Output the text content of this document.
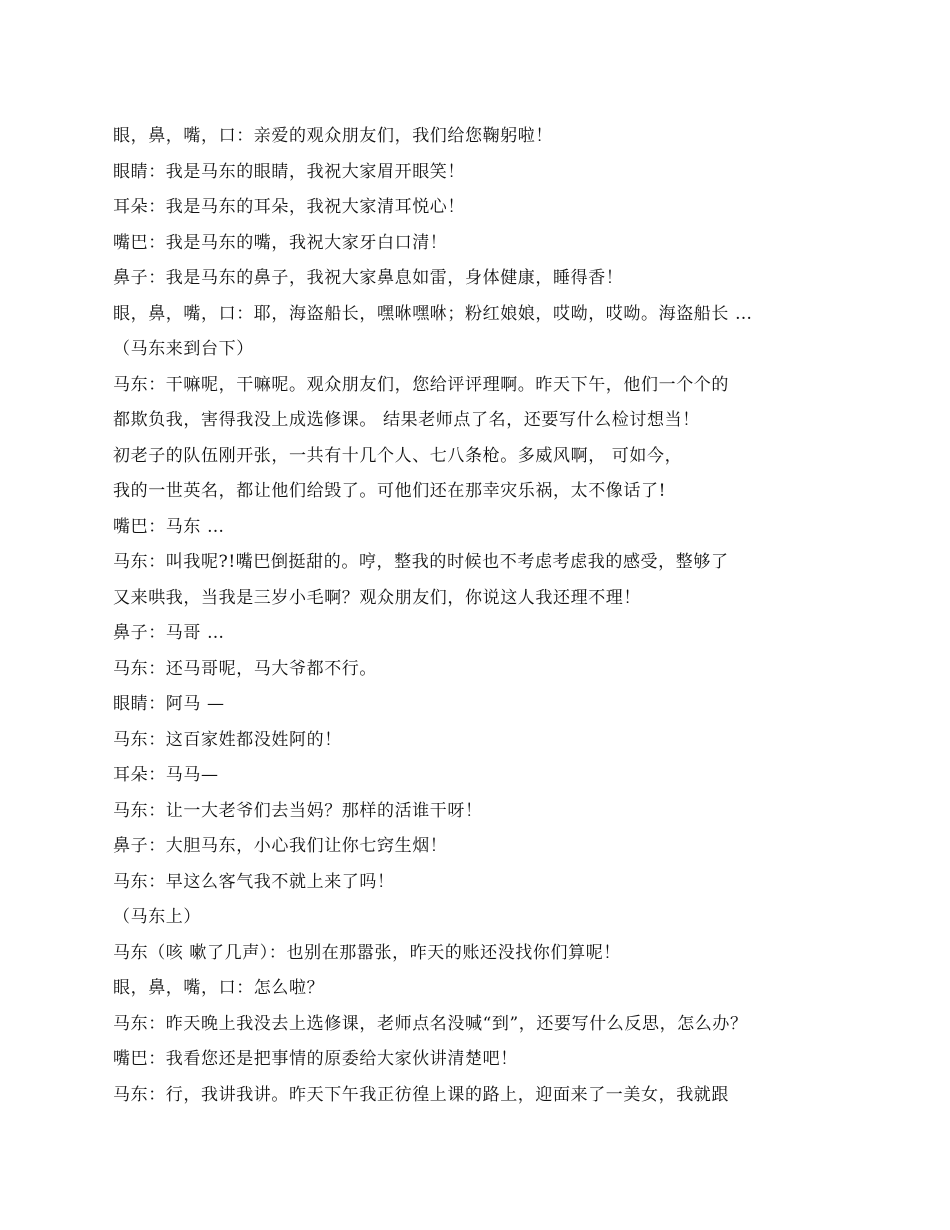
眼，鼻，嘴，口：亲爱的观众朋友们，我们给您鞠躬啦！
眼睛：我是马东的眼睛，我祝大家眉开眼笑！
耳朵：我是马东的耳朵，我祝大家清耳悦心！
嘴巴：我是马东的嘴，我祝大家牙白口清！
鼻子：我是马东的鼻子，我祝大家鼻息如雷，身体健康，睡得香！
眼，鼻，嘴，口：耶，海盗船长，嘿咻嘿咻；粉红娘娘，哎呦，哎呦。海盗船长 …
（马东来到台下）
马东：干嘛呢，干嘛呢。观众朋友们，您给评评理啊。昨天下午，他们一个个的
都欺负我，害得我没上成选修课。 结果老师点了名，还要写什么检讨想当！
初老子的队伍刚开张，一共有十几个人、七八条枪。多威风啊， 可如今，
我的一世英名，都让他们给毁了。可他们还在那幸灾乐祸，太不像话了!
嘴巴：马东 …
马东：叫我呢?!嘴巴倒挺甜的。哼，整我的时候也不考虑考虑我的感受，整够了
又来哄我，当我是三岁小毛啊？观众朋友们，你说这人我还理不理！
鼻子：马哥 …
马东：还马哥呢，马大爷都不行。
眼睛：阿马 —
马东：这百家姓都没姓阿的！
耳朵：马马—
马东：让一大老爷们去当妈？那样的活谁干呀！
鼻子：大胆马东，小心我们让你七窍生烟！
马东：早这么客气我不就上来了吗！
（马东上）
马东（咳 嗽了几声）：也别在那嚣张，昨天的账还没找你们算呢！
眼，鼻，嘴，口：怎么啦？
马东：昨天晚上我没去上选修课，老师点名没喊“到”，还要写什么反思，怎么办？
嘴巴：我看您还是把事情的原委给大家伙讲清楚吧！
马东：行，我讲我讲。昨天下午我正彷徨上课的路上，迎面来了一美女，我就跟
